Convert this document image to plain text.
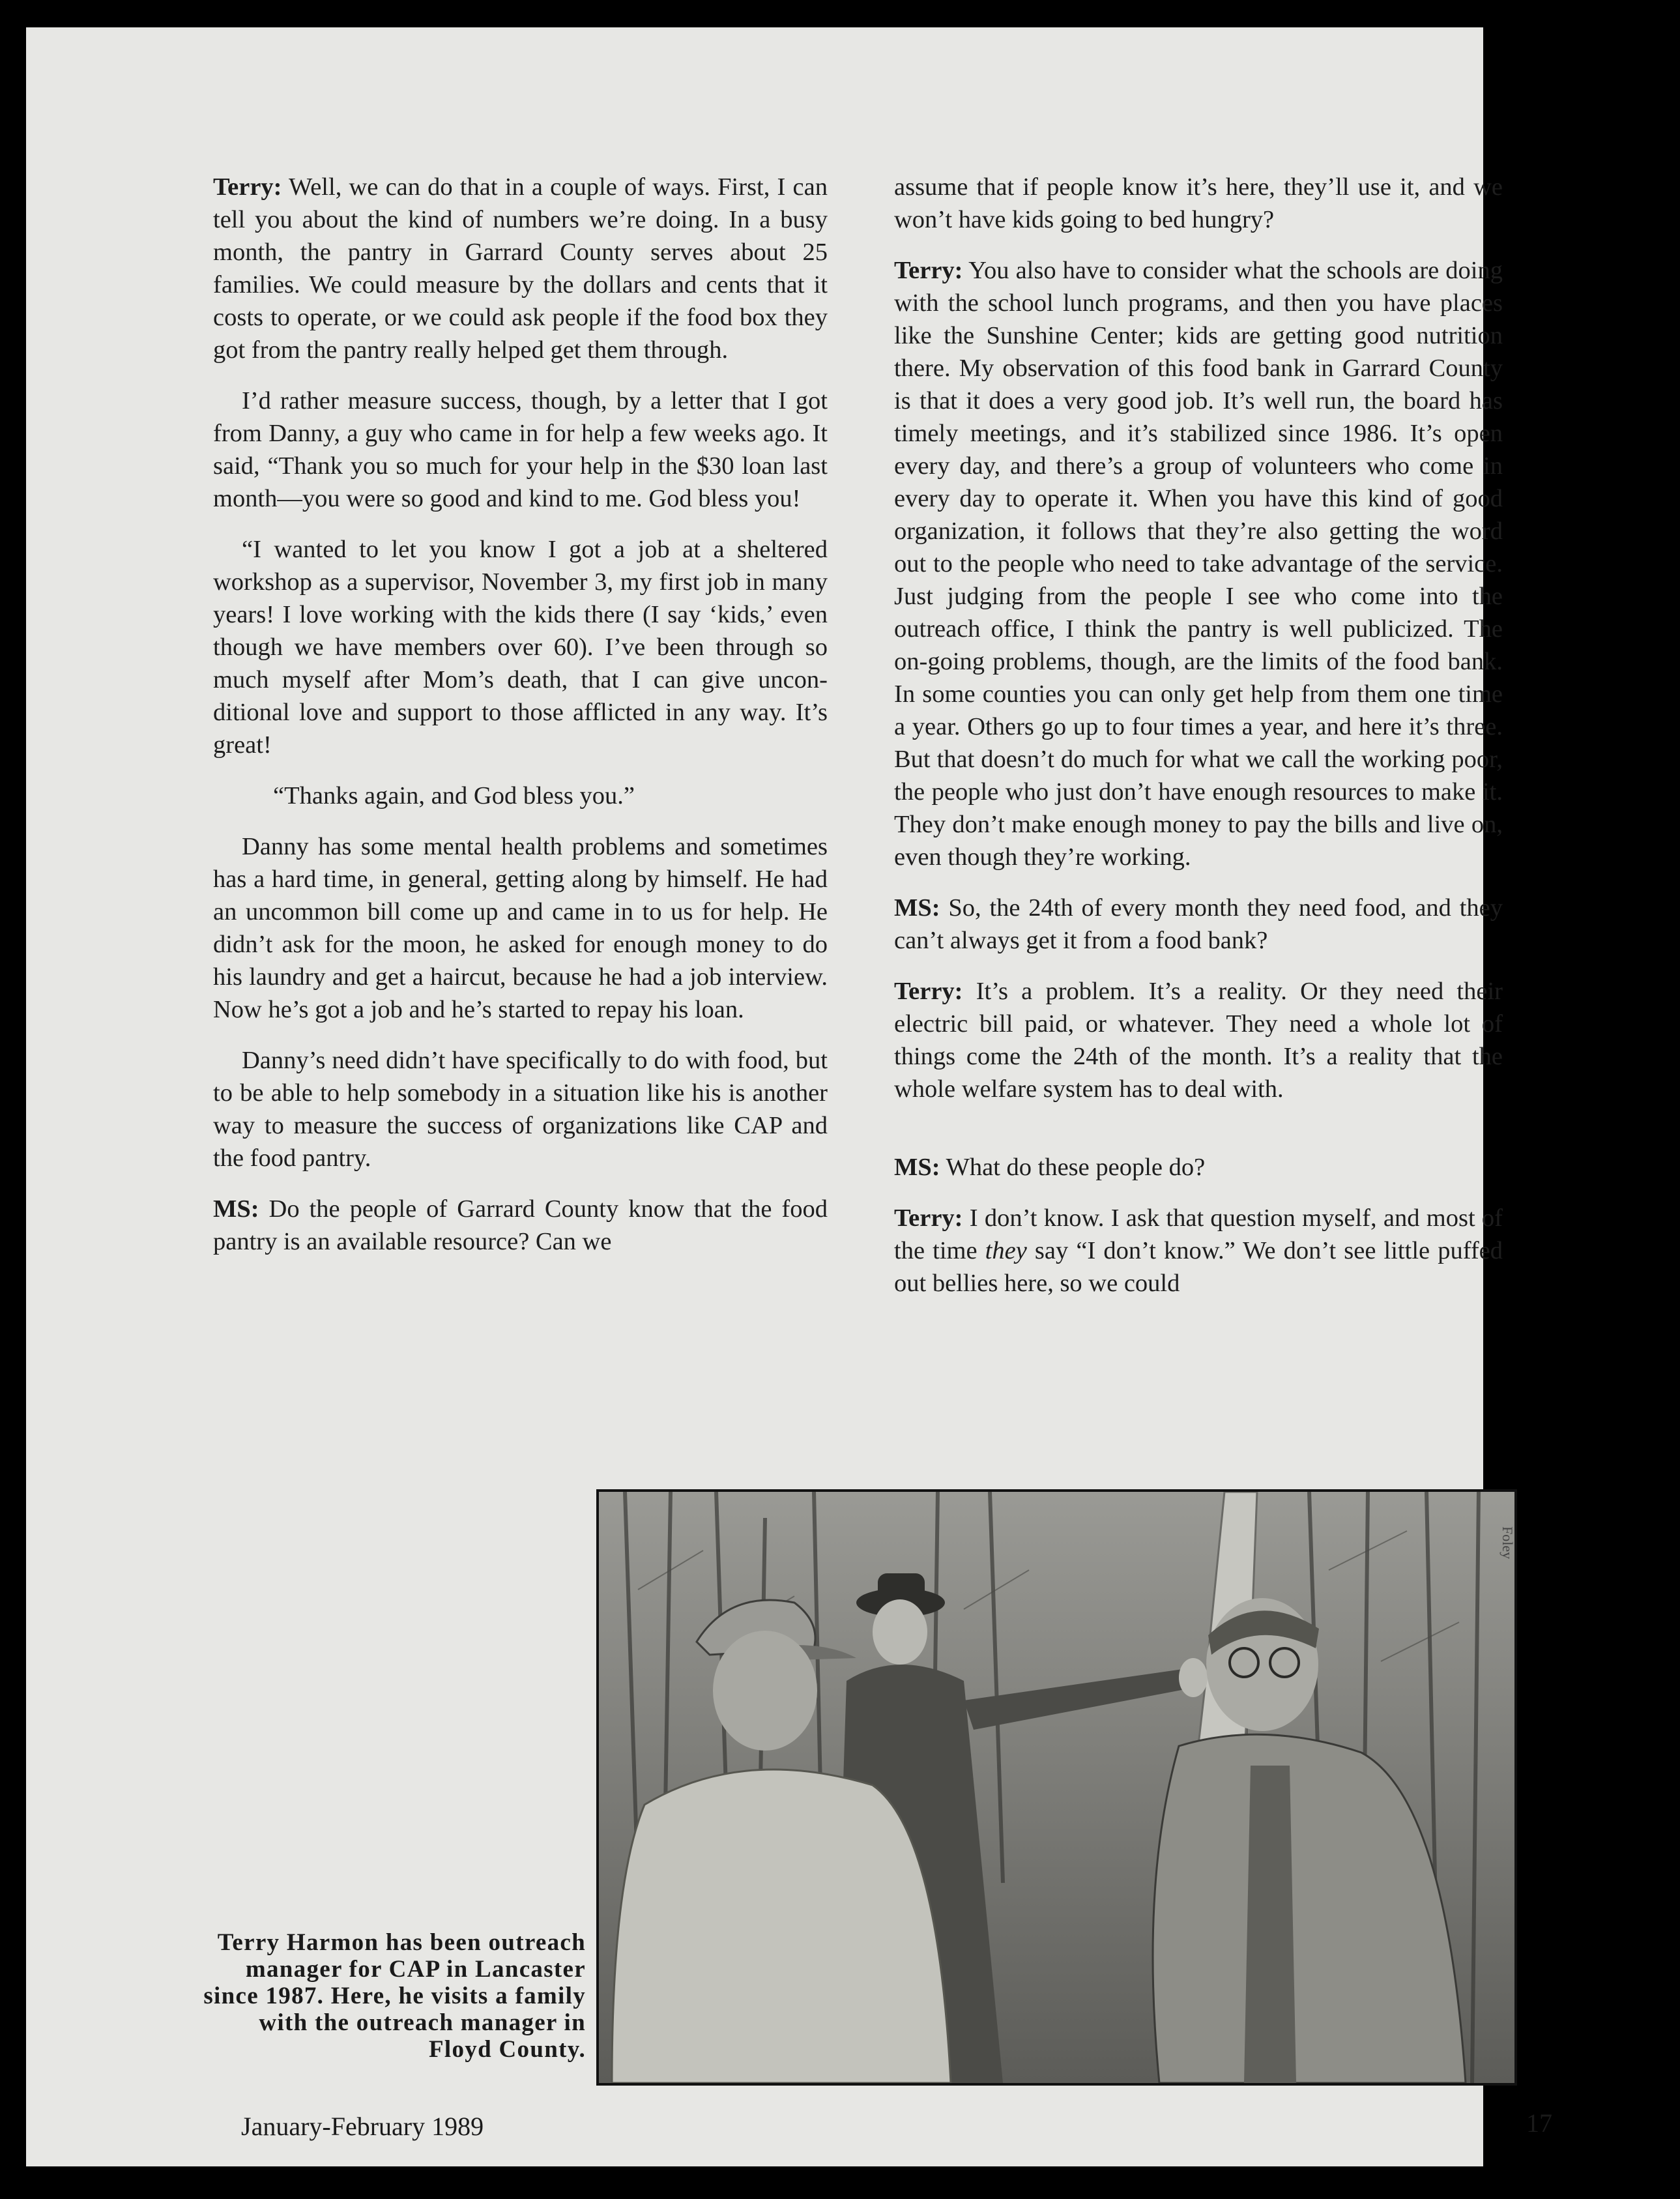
Terry: Well, we can do that in a couple of ways. First, I can tell you about the kind of numbers we’re doing. In a busy month, the pantry in Garrard County serves about 25 families. We could measure by the dollars and cents that it costs to operate, or we could ask people if the food box they got from the pantry really helped get them through.

I’d rather measure success, though, by a letter that I got from Danny, a guy who came in for help a few weeks ago. It said, “Thank you so much for your help in the $30 loan last month—you were so good and kind to me. God bless you!

“I wanted to let you know I got a job at a sheltered workshop as a supervisor, November 3, my first job in many years! I love working with the kids there (I say ‘kids,’ even though we have members over 60). I’ve been through so much myself after Mom’s death, that I can give unconditional love and support to those afflicted in any way. It’s great!

“Thanks again, and God bless you.”

Danny has some mental health problems and sometimes has a hard time, in general, getting along by himself. He had an uncommon bill come up and came in to us for help. He didn’t ask for the moon, he asked for enough money to do his laundry and get a haircut, because he had a job interview. Now he’s got a job and he’s started to repay his loan.

Danny’s need didn’t have specifically to do with food, but to be able to help somebody in a situation like his is another way to measure the success of organizations like CAP and the food pantry.

MS: Do the people of Garrard County know that the food pantry is an available resource? Can we

assume that if people know it’s here, they’ll use it, and we won’t have kids going to bed hungry?

Terry: You also have to consider what the schools are doing with the school lunch programs, and then you have places like the Sunshine Center; kids are getting good nutrition there. My observation of this food bank in Garrard County is that it does a very good job. It’s well run, the board has timely meetings, and it’s stabilized since 1986. It’s open every day, and there’s a group of volunteers who come in every day to operate it. When you have this kind of good organization, it follows that they’re also getting the word out to the people who need to take advantage of the service. Just judging from the people I see who come into the outreach office, I think the pantry is well publicized. The on-going problems, though, are the limits of the food bank. In some counties you can only get help from them one time a year. Others go up to four times a year, and here it’s three. But that doesn’t do much for what we call the working poor, the people who just don’t have enough resources to make it. They don’t make enough money to pay the bills and live on, even though they’re working.

MS: So, the 24th of every month they need food, and they can’t always get it from a food bank?

Terry: It’s a problem. It’s a reality. Or they need their electric bill paid, or whatever. They need a whole lot of things come the 24th of the month. It’s a reality that the whole welfare system has to deal with.

MS: What do these people do?

Terry: I don’t know. I ask that question myself, and most of the time they say “I don’t know.” We don’t see little puffed out bellies here, so we could

Foley
Terry Harmon has been outreach manager for CAP in Lancaster since 1987. Here, he visits a family with the outreach manager in Floyd County.
January-February 1989	17
